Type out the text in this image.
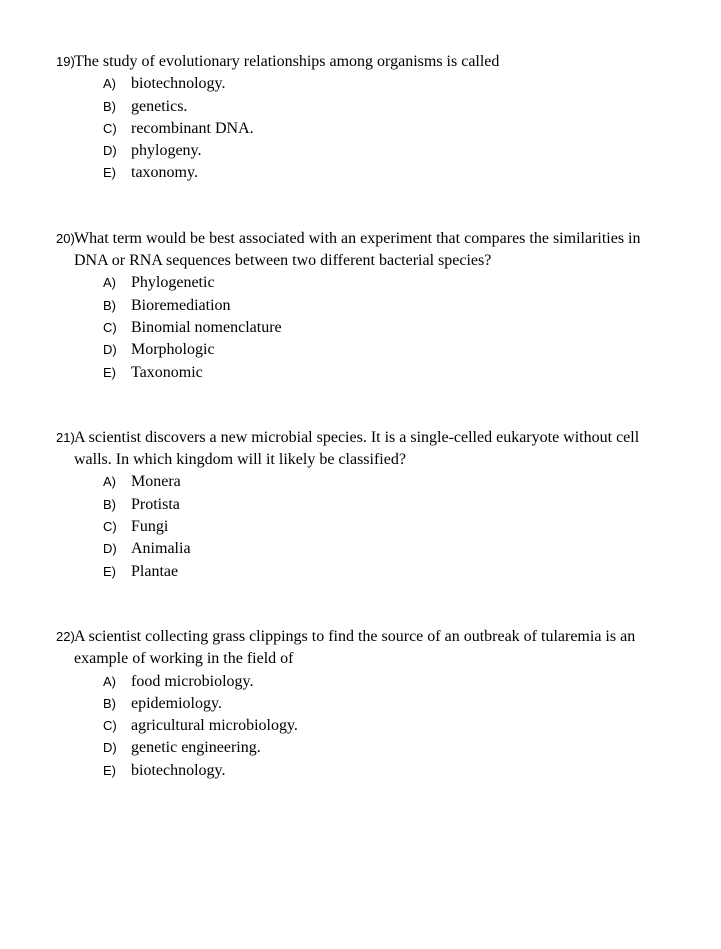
19) The study of evolutionary relationships among organisms is called
A) biotechnology.
B) genetics.
C) recombinant DNA.
D) phylogeny.
E) taxonomy.
20) What term would be best associated with an experiment that compares the similarities in
DNA or RNA sequences between two different bacterial species?
A) Phylogenetic
B) Bioremediation
C) Binomial nomenclature
D) Morphologic
E) Taxonomic
21) A scientist discovers a new microbial species. It is a single-celled eukaryote without cell
walls. In which kingdom will it likely be classified?
A) Monera
B) Protista
C) Fungi
D) Animalia
E) Plantae
22) A scientist collecting grass clippings to find the source of an outbreak of tularemia is an
example of working in the field of
A) food microbiology.
B) epidemiology.
C) agricultural microbiology.
D) genetic engineering.
E) biotechnology.
